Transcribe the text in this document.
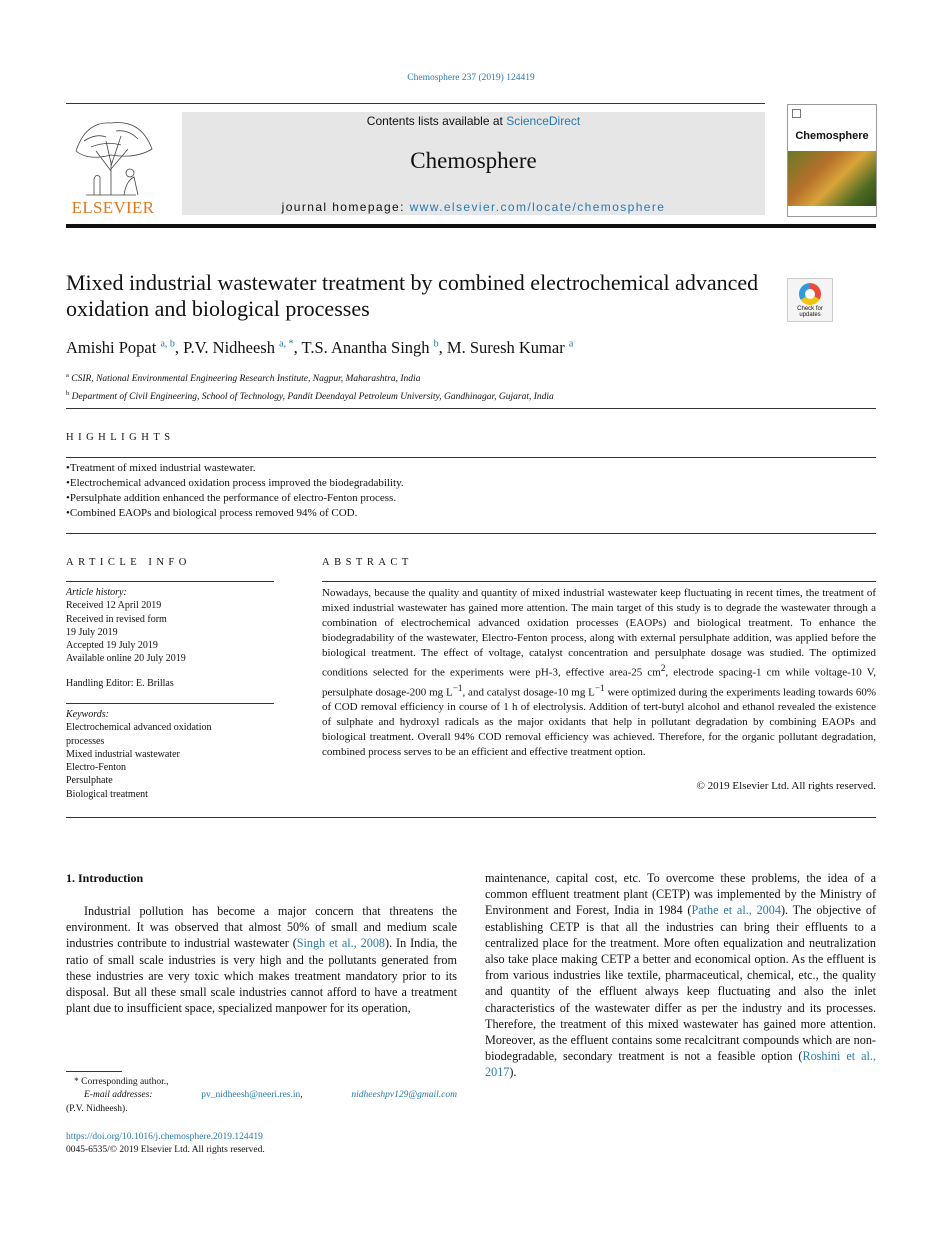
Chemosphere 237 (2019) 124419
ELSEVIER
Contents lists available at ScienceDirect
Chemosphere
journal homepage: www.elsevier.com/locate/chemosphere
Chemosphere
Mixed industrial wastewater treatment by combined electrochemical advanced oxidation and biological processes	Check for
updates
Amishi Popat $^{a, b}$, P.V. Nidheesh $^{a, *}$, T.S. Anantha Singh $^b$, M. Suresh Kumar $^a$
$^a$ CSIR, National Environmental Engineering Research Institute, Nagpur, Maharashtra, India
$^b$ Department of Civil Engineering, School of Technology, Pandit Deendayal Petroleum University, Gandhinagar, Gujarat, India
HIGHLIGHTS
• Treatment of mixed industrial wastewater.
• Electrochemical advanced oxidation process improved the biodegradability.
• Persulphate addition enhanced the performance of electro-Fenton process.
• Combined EAOPs and biological process removed 94% of COD.
ARTICLE INFO
Article history:
Received 12 April 2019
Received in revised form
19 July 2019
Accepted 19 July 2019
Available online 20 July 2019
Handling Editor: E. Brillas
Keywords:
Electrochemical advanced oxidation
processes
Mixed industrial wastewater
Electro-Fenton
Persulphate
Biological treatment
ABSTRACT
Nowadays, because the quality and quantity of mixed industrial wastewater keep fluctuating in recent times, the treatment of mixed industrial wastewater has gained more attention. The main target of this study is to degrade the wastewater through a combination of electrochemical advanced oxidation processes (EAOPs) and biological treatment. To enhance the biodegradability of the wastewater, Electro-Fenton process, along with external persulphate addition, was applied before the biological treatment. The effect of voltage, catalyst concentration and persulphate dosage was studied. The optimized conditions selected for the experiments were pH-3, effective area-25 $cm^2$, electrode spacing-1 cm while voltage-10 V, persulphate dosage-200 mg $L^{-1}$, and catalyst dosage-10 mg $L^{-1}$ were optimized during the experiments leading towards 60% of COD removal efficiency in course of 1 h of electrolysis. Addition of tert-butyl alcohol and ethanol revealed the existence of sulphate and hydroxyl radicals as the major oxidants that help in pollutant degradation by combining EAOPs and biological treatment. Overall 94% COD removal efficiency was achieved. Therefore, for the organic pollutant degradation, combined process serves to be an efficient and effective treatment option.
© 2019 Elsevier Ltd. All rights reserved.
1. Introduction

Industrial pollution has become a major concern that threatens the environment. It was observed that almost 50% of small and medium scale industries contribute to industrial wastewater (Singh et al., 2008). In India, the ratio of small scale industries is very high and the pollutants generated from these industries are very toxic which makes treatment mandatory prior to its disposal. But all these small scale industries cannot afford to have a treatment plant due to insufficient space, specialized manpower for its operation,

maintenance, capital cost, etc. To overcome these problems, the idea of a common effluent treatment plant (CETP) was implemented by the Ministry of Environment and Forest, India in 1984 (Pathe et al., 2004). The objective of establishing CETP is that all the industries can bring their effluents to a centralized place for the treatment. More often equalization and neutralization also take place making CETP a better and economical option. As the effluent is from various industries like textile, pharmaceutical, chemical, etc., the quality and quantity of the effluent always keep fluctuating and also the inlet characteristics of the wastewater differ as per the industry and its processes. Therefore, the treatment of this mixed wastewater has gained more attention. Moreover, as the effluent contains some recalcitrant compounds which are non-biodegradable, secondary treatment is not a feasible option (Roshini et al., 2017).

* Corresponding author.,
E-mail addresses:	pv_nidheesh@neeri.res.in,	nidheeshpv129@gmail.com
(P.V. Nidheesh).
https://doi.org/10.1016/j.chemosphere.2019.124419
0045-6535/© 2019 Elsevier Ltd. All rights reserved.
